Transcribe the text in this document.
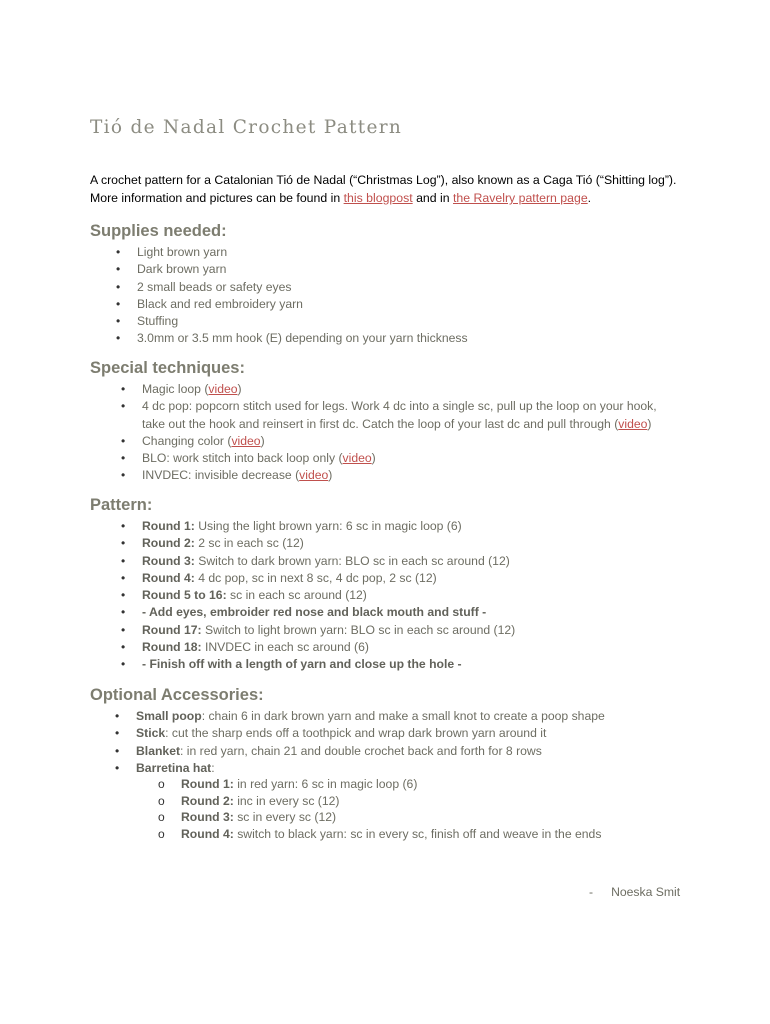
Tió de Nadal Crochet Pattern

A crochet pattern for a Catalonian Tió de Nadal (“Christmas Log”), also known as a Caga Tió (“Shitting log”).
More information and pictures can be found in this blogpost and in the Ravelry pattern page.

Supplies needed:
• Light brown yarn
• Dark brown yarn
• 2 small beads or safety eyes
• Black and red embroidery yarn
• Stuffing
• 3.0mm or 3.5 mm hook (E) depending on your yarn thickness
Special techniques:
• Magic loop (video)
• 4 dc pop: popcorn stitch used for legs. Work 4 dc into a single sc, pull up the loop on your hook, take out the hook and reinsert in first dc. Catch the loop of your last dc and pull through (video)
• Changing color (video)
• BLO: work stitch into back loop only (video)
• INVDEC: invisible decrease (video)
Pattern:
• Round 1: Using the light brown yarn: 6 sc in magic loop (6)
• Round 2: 2 sc in each sc (12)
• Round 3: Switch to dark brown yarn: BLO sc in each sc around (12)
• Round 4: 4 dc pop, sc in next 8 sc, 4 dc pop, 2 sc (12)
• Round 5 to 16: sc in each sc around (12)
• - Add eyes, embroider red nose and black mouth and stuff -
• Round 17: Switch to light brown yarn: BLO sc in each sc around (12)
• Round 18: INVDEC in each sc around (6)
• - Finish off with a length of yarn and close up the hole -
Optional Accessories:
• Small poop: chain 6 in dark brown yarn and make a small knot to create a poop shape
• Stick: cut the sharp ends off a toothpick and wrap dark brown yarn around it
• Blanket: in red yarn, chain 21 and double crochet back and forth for 8 rows
• Barretina hat:
o Round 1: in red yarn: 6 sc in magic loop (6)
o Round 2: inc in every sc (12)
o Round 3: sc in every sc (12)
o Round 4: switch to black yarn: sc in every sc, finish off and weave in the ends
- Noeska Smit
